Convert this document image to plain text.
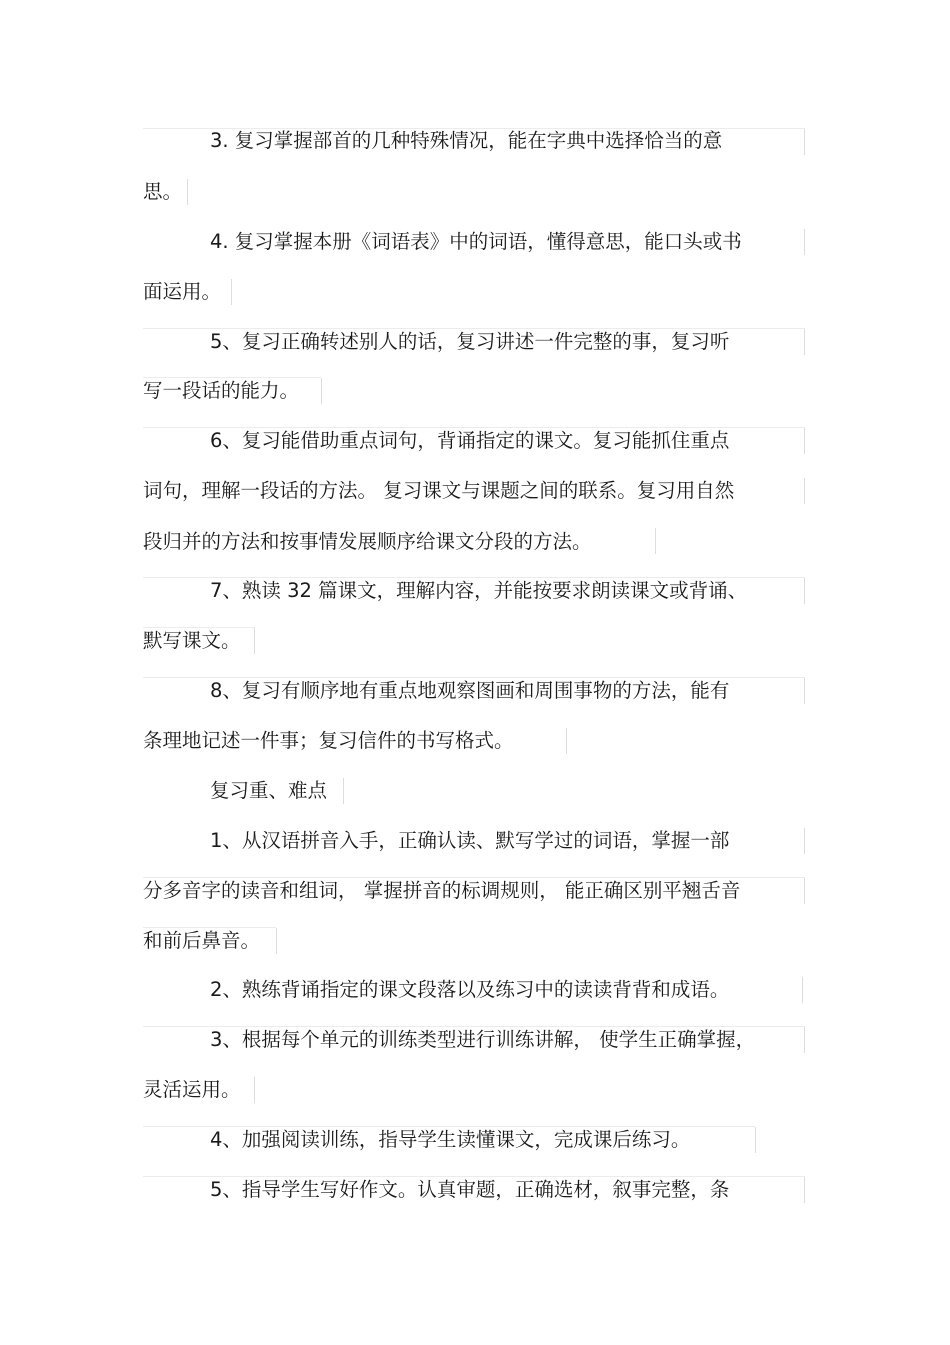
3. 复习掌握部首的几种特殊情况，能在字典中选择恰当的意
思。
4. 复习掌握本册《词语表》中的词语，懂得意思，能口头或书
面运用。
5、复习正确转述别人的话，复习讲述一件完整的事，复习听
写一段话的能力。
6、复习能借助重点词句，背诵指定的课文。复习能抓住重点
词句，理解一段话的方法。 复习课文与课题之间的联系。复习用自然
段归并的方法和按事情发展顺序给课文分段的方法。
7、熟读 32 篇课文，理解内容，并能按要求朗读课文或背诵、
默写课文。
8、复习有顺序地有重点地观察图画和周围事物的方法，能有
条理地记述一件事；复习信件的书写格式。
复习重、难点
1、从汉语拼音入手，正确认读、默写学过的词语，掌握一部
分多音字的读音和组词， 掌握拼音的标调规则， 能正确区别平翘舌音
和前后鼻音。
2、熟练背诵指定的课文段落以及练习中的读读背背和成语。
3、根据每个单元的训练类型进行训练讲解， 使学生正确掌握，
灵活运用。
4、加强阅读训练，指导学生读懂课文，完成课后练习。
5、指导学生写好作文。认真审题，正确选材，叙事完整，条
